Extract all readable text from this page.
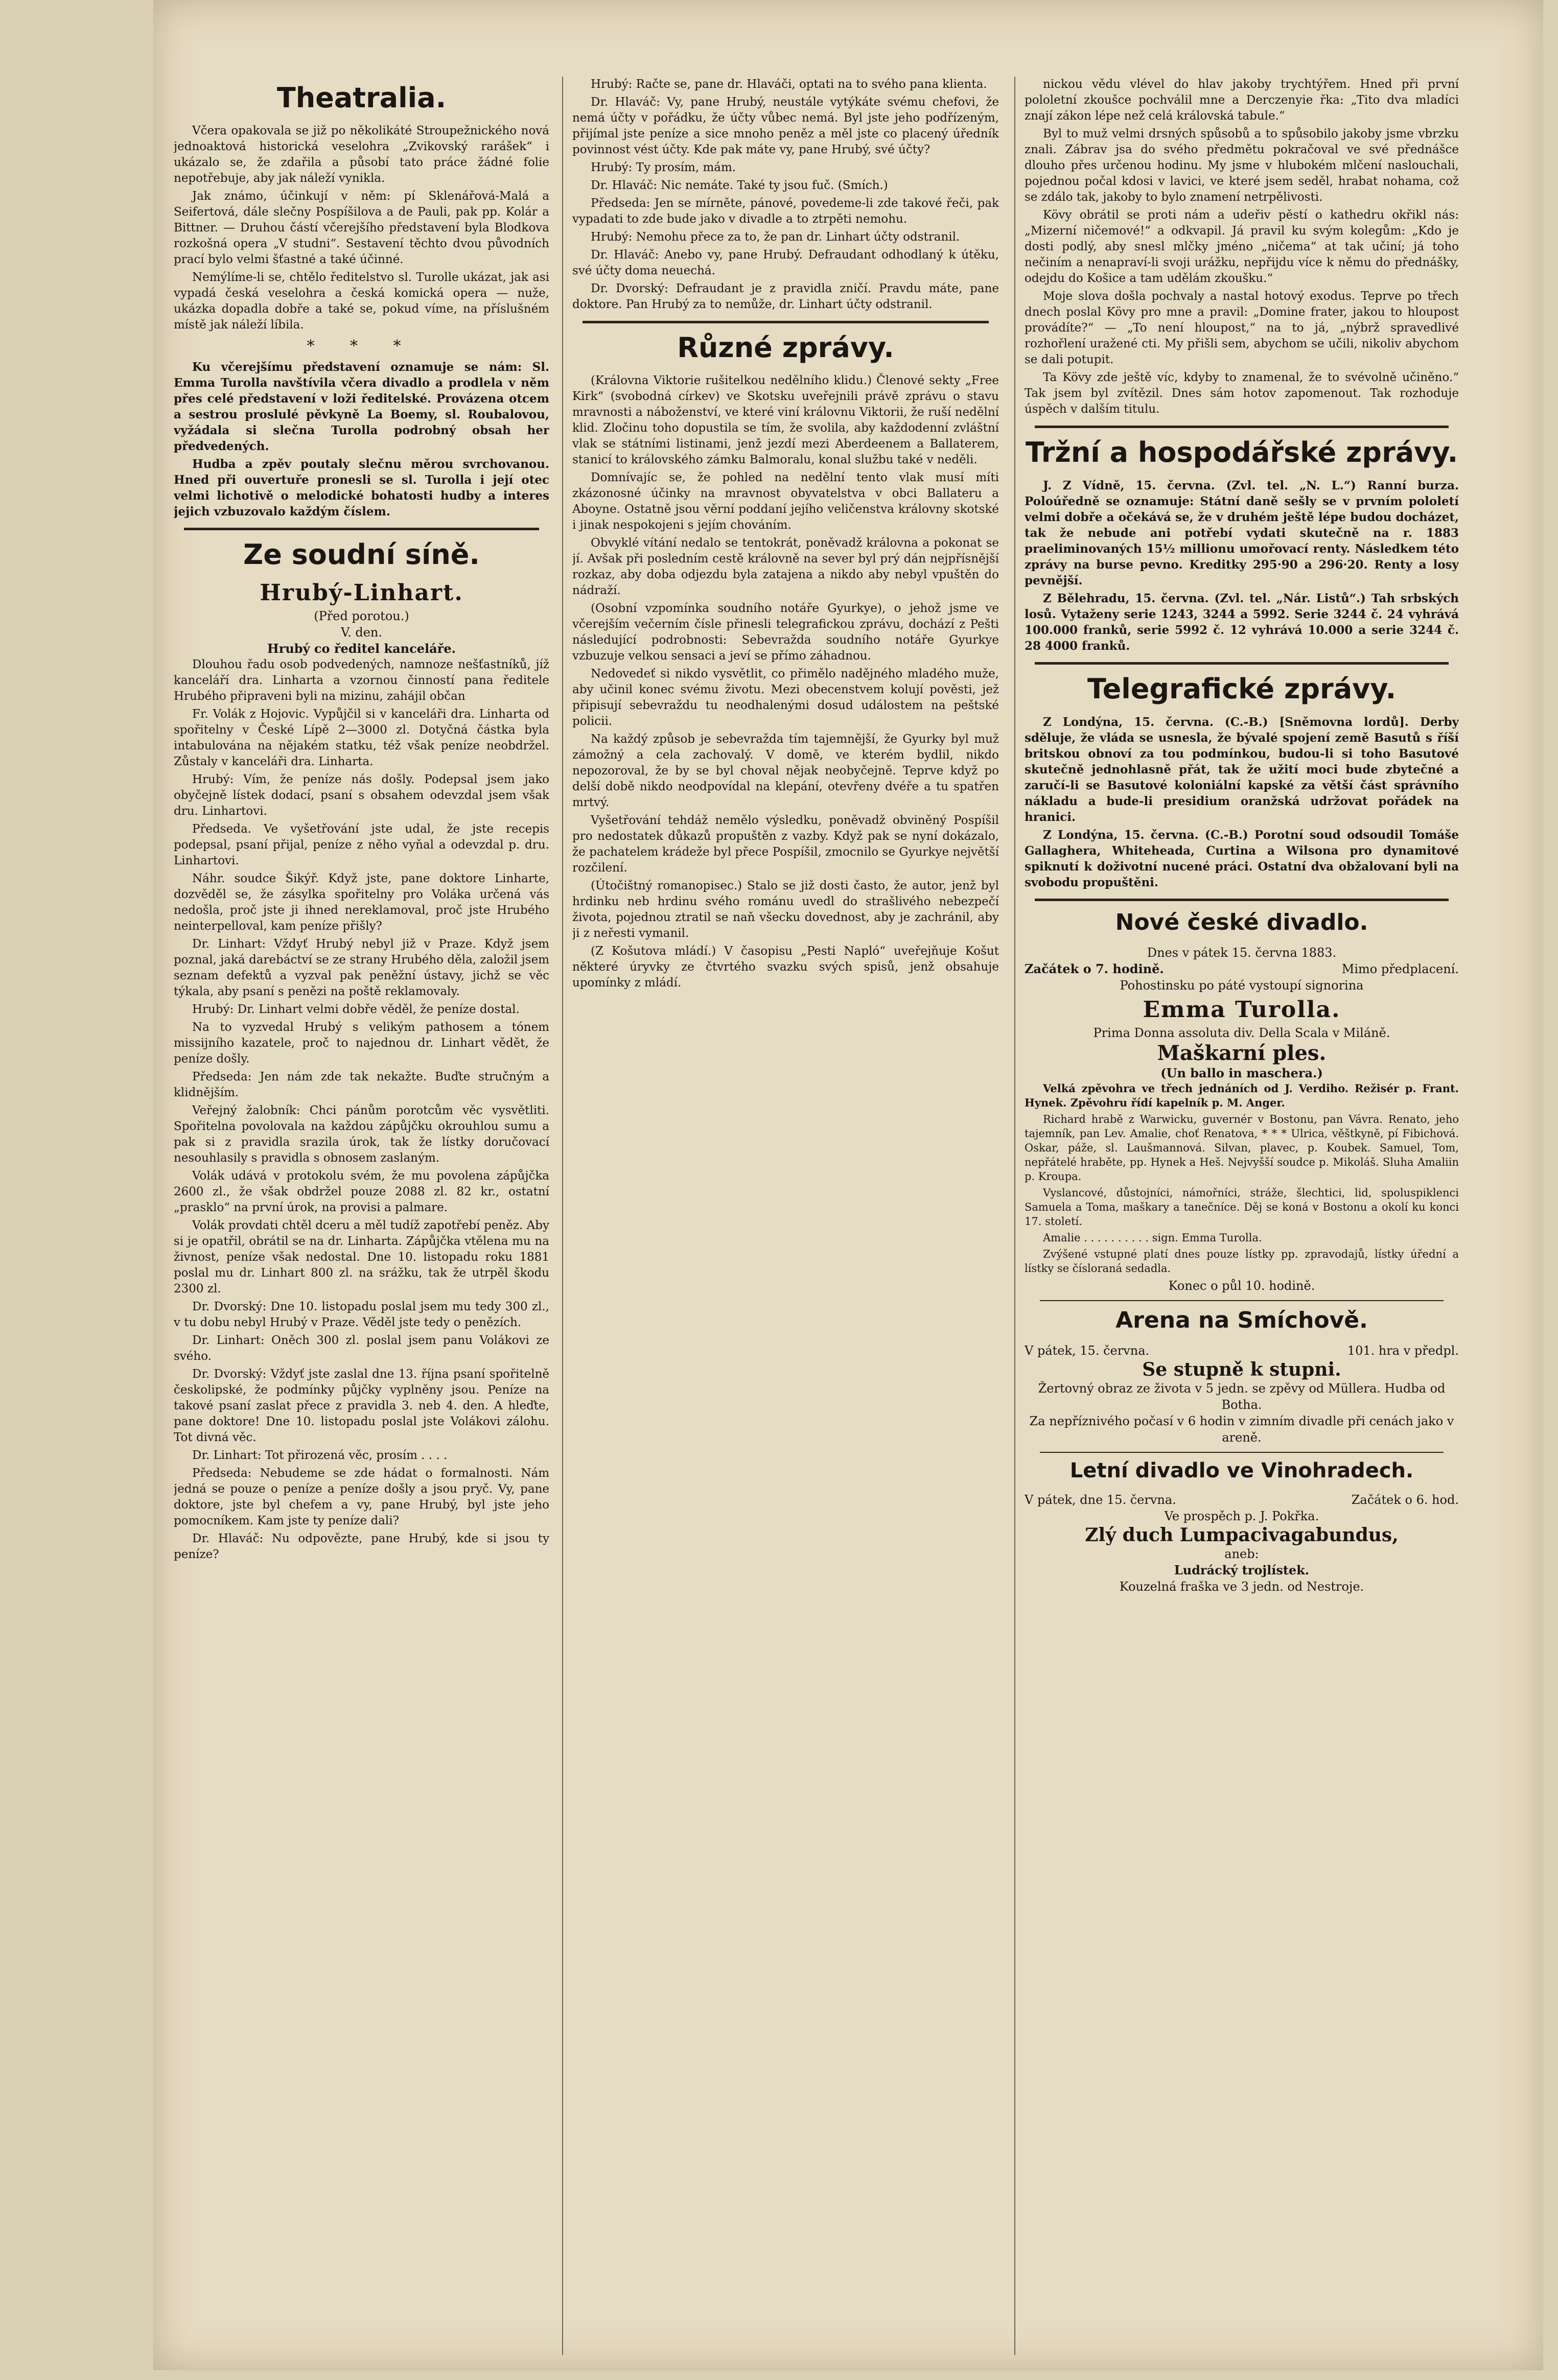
Theatralia.

Včera opakovala se již po několikáté Stroupežnického nová jednoaktová historická veselohra „Zvikovský rarášek“ i ukázalo se, že zdařila a působí tato práce žádné folie nepotřebuje, aby jak náleží vynikla.

Jak známo, účinkují v něm: pí Sklenářová-Malá a Seifertová, dále slečny Pospíšilova a de Pauli, pak pp. Kolár a Bittner. — Druhou částí včerejšího představení byla Blodkova rozkošná opera „V studni“. Sestavení těchto dvou původních prací bylo velmi šťastné a také účinné.

Nemýlíme-li se, chtělo ředitelstvo sl. Turolle ukázat, jak asi vypadá česká veselohra a česká komická opera — nuže, ukázka dopadla dobře a také se, pokud víme, na příslušném místě jak náleží líbila.

* * *

Ku včerejšímu představení oznamuje se nám: Sl. Emma Turolla navštívila včera divadlo a prodlela v něm přes celé představení v loži ředitelské. Provázena otcem a sestrou proslulé pěvkyně La Boemy, sl. Roubalovou, vyžádala si slečna Turolla podrobný obsah her předvedených.

Hudba a zpěv poutaly slečnu měrou svrchovanou. Hned při ouvertuře pronesli se sl. Turolla i její otec velmi lichotivě o melodické bohatosti hudby a interes jejich vzbuzovalo každým číslem.

Ze soudní síně.
Hrubý-Linhart.
(Před porotou.)
V. den.
Hrubý co ředitel kanceláře.

Dlouhou řadu osob podvedených, namnoze nešťastníků, jíž kanceláří dra. Linharta a vzornou činností pana ředitele Hrubého připraveni byli na mizinu, zahájil občan

Fr. Volák z Hojovic. Vypůjčil si v kanceláři dra. Linharta od spořitelny v České Lípě 2—3000 zl. Dotyčná částka byla intabulována na nějakém statku, též však peníze neobdržel. Zůstaly v kanceláři dra. Linharta.

Hrubý: Vím, že peníze nás došly. Podepsal jsem jako obyčejně lístek dodací, psaní s obsahem odevzdal jsem však dru. Linhartovi.

Předseda. Ve vyšetřování jste udal, že jste recepis podepsal, psaní přijal, peníze z něho vyňal a odevzdal p. dru. Linhartovi.

Náhr. soudce Šikýř. Když jste, pane doktore Linharte, dozvěděl se, že zásylka spořitelny pro Voláka určená vás nedošla, proč jste ji ihned nereklamoval, proč jste Hrubého neinterpelloval, kam peníze přišly?

Dr. Linhart: Vždyť Hrubý nebyl již v Praze. Když jsem poznal, jaká darebáctví se ze strany Hrubého děla, založil jsem seznam defektů a vyzval pak peněžní ústavy, jichž se věc týkala, aby psaní s penězi na poště reklamovaly.

Hrubý: Dr. Linhart velmi dobře věděl, že peníze dostal.

Na to vyzvedal Hrubý s velikým pathosem a tónem missijního kazatele, proč to najednou dr. Linhart vědět, že peníze došly.

Předseda: Jen nám zde tak nekažte. Buďte stručným a klidnějším.

Veřejný žalobník: Chci pánům porotcům věc vysvětliti. Spořitelna povolovala na každou zápůjčku okrouhlou sumu a pak si z pravidla srazila úrok, tak že lístky doručovací nesouhlasily s pravidla s obnosem zaslaným.

Volák udává v protokolu svém, že mu povolena zápůjčka 2600 zl., že však obdržel pouze 2088 zl. 82 kr., ostatní „prasklo“ na první úrok, na provisi a palmare.

Volák provdati chtěl dceru a měl tudíž zapotřebí peněz. Aby si je opatřil, obrátil se na dr. Linharta. Zápůjčka vtělena mu na živnost, peníze však nedostal. Dne 10. listopadu roku 1881 poslal mu dr. Linhart 800 zl. na srážku, tak že utrpěl škodu 2300 zl.

Dr. Dvorský: Dne 10. listopadu poslal jsem mu tedy 300 zl., v tu dobu nebyl Hrubý v Praze. Věděl jste tedy o penězích.

Dr. Linhart: Oněch 300 zl. poslal jsem panu Volákovi ze svého.

Dr. Dvorský: Vždyť jste zaslal dne 13. října psaní spořitelně českolipské, že podmínky půjčky vyplněny jsou. Peníze na takové psaní zaslat přece z pravidla 3. neb 4. den. A hleďte, pane doktore! Dne 10. listopadu poslal jste Volákovi zálohu. Tot divná věc.

Dr. Linhart: Tot přirozená věc, prosím . . . .

Předseda: Nebudeme se zde hádat o formalnosti. Nám jedná se pouze o peníze a peníze došly a jsou pryč. Vy, pane doktore, jste byl chefem a vy, pane Hrubý, byl jste jeho pomocníkem. Kam jste ty peníze dali?

Dr. Hlaváč: Nu odpovězte, pane Hrubý, kde si jsou ty peníze?

Hrubý: Račte se, pane dr. Hlaváči, optati na to svého pana klienta.

Dr. Hlaváč: Vy, pane Hrubý, neustále vytýkáte svému chefovi, že nemá účty v pořádku, že účty vůbec nemá. Byl jste jeho podřízeným, přijímal jste peníze a sice mnoho peněz a měl jste co placený úředník povinnost vést účty. Kde pak máte vy, pane Hrubý, své účty?

Hrubý: Ty prosím, mám.

Dr. Hlaváč: Nic nemáte. Také ty jsou fuč. (Smích.)

Předseda: Jen se mírněte, pánové, povedeme-li zde takové řeči, pak vypadati to zde bude jako v divadle a to ztrpěti nemohu.

Hrubý: Nemohu přece za to, že pan dr. Linhart účty odstranil.

Dr. Hlaváč: Anebo vy, pane Hrubý. Defraudant odhodlaný k útěku, své účty doma neuechá.

Dr. Dvorský: Defraudant je z pravidla zničí. Pravdu máte, pane doktore. Pan Hrubý za to nemůže, dr. Linhart účty odstranil.

Různé zprávy.

(Královna Viktorie rušitelkou nedělního klidu.) Členové sekty „Free Kirk“ (svobodná církev) ve Skotsku uveřejnili právě zprávu o stavu mravnosti a náboženství, ve které viní královnu Viktorii, že ruší nedělní klid. Zločinu toho dopustila se tím, že svolila, aby každodenní zvláštní vlak se státními listinami, jenž jezdí mezi Aberdeenem a Ballaterem, stanicí to královského zámku Balmoralu, konal službu také v neděli.

Domnívajíc se, že pohled na nedělní tento vlak musí míti zkázonosné účinky na mravnost obyvatelstva v obci Ballateru a Aboyne. Ostatně jsou věrní poddaní jejího veličenstva královny skotské i jinak nespokojeni s jejím chováním.

Obvyklé vítání nedalo se tentokrát, poněvadž královna a pokonat se jí. Avšak při posledním cestě královně na sever byl prý dán nejpřísnější rozkaz, aby doba odjezdu byla zatajena a nikdo aby nebyl vpuštěn do nádraží.

(Osobní vzpomínka soudního notáře Gyurkye), o jehož jsme ve včerejším večerním čísle přinesli telegrafickou zprávu, dochází z Pešti následující podrobnosti: Sebevražda soudního notáře Gyurkye vzbuzuje velkou sensaci a jeví se přímo záhadnou.

Nedovedeť si nikdo vysvětlit, co přimělo nadějného mladého muže, aby učinil konec svému životu. Mezi obecenstvem kolují pověsti, jež připisují sebevraždu tu neodhalenými dosud událostem na peštské policii.

Na každý způsob je sebevražda tím tajemnější, že Gyurky byl muž zámožný a cela zachovalý. V domě, ve kterém bydlil, nikdo nepozoroval, že by se byl choval nějak neobyčejně. Teprve když po delší době nikdo neodpovídal na klepání, otevřeny dvéře a tu spatřen mrtvý.

Vyšetřování tehdáž nemělo výsledku, poněvadž obviněný Pospíšil pro nedostatek důkazů propuštěn z vazby. Když pak se nyní dokázalo, že pachatelem krádeže byl přece Pospíšil, zmocnilo se Gyurkye největší rozčilení.

(Útočištný romanopisec.) Stalo se již dosti často, že autor, jenž byl hrdinku neb hrdinu svého románu uvedl do strašlivého nebezpečí života, pojednou ztratil se naň všecku dovednost, aby je zachránil, aby ji z neřesti vymanil.

(Z Košutova mládí.) V časopisu „Pesti Napló“ uveřejňuje Košut některé úryvky ze čtvrtého svazku svých spisů, jenž obsahuje upomínky z mládí.

nickou vědu vlével do hlav jakoby trychtýřem. Hned při první pololetní zkoušce pochválil mne a Derczenyie řka: „Tito dva mladíci znají zákon lépe než celá královská tabule.“

Byl to muž velmi drsných spůsobů a to spůsobilo jakoby jsme vbrzku znali. Zábrav jsa do svého předmětu pokračoval ve své přednášce dlouho přes určenou hodinu. My jsme v hlubokém mlčení naslouchali, pojednou počal kdosi v lavici, ve které jsem seděl, hrabat nohama, což se zdálo tak, jakoby to bylo znamení netrpělivosti.

Kövy obrátil se proti nám a udeřiv pěstí o kathedru okřikl nás: „Mizerní ničemové!“ a odkvapil. Já pravil ku svým kolegům: „Kdo je dosti podlý, aby snesl mlčky jméno „ničema“ at tak učiní; já toho nečiním a nenapraví-li svoji urážku, nepřijdu více k němu do přednášky, odejdu do Košice a tam udělám zkoušku.“

Moje slova došla pochvaly a nastal hotový exodus. Teprve po třech dnech poslal Kövy pro mne a pravil: „Domine frater, jakou to hloupost provádíte?“ — „To není hloupost,“ na to já, „nýbrž spravedlivé rozhořlení uražené cti. My přišli sem, abychom se učili, nikoliv abychom se dali potupit.

Ta Kövy zde ještě víc, kdyby to znamenal, že to svévolně učiněno.“ Tak jsem byl zvítězil. Dnes sám hotov zapomenout. Tak rozhoduje úspěch v dalším titulu.

Tržní a hospodářské zprávy.

J. Z Vídně, 15. června. (Zvl. tel. „N. L.“) Ranní burza. Poloúředně se oznamuje: Státní daně sešly se v prvním pololetí velmi dobře a očekává se, že v druhém ještě lépe budou docházet, tak že nebude ani potřebí vydati skutečně na r. 1883 praeliminovaných 15½ millionu umořovací renty. Následkem této zprávy na burse pevno. Kreditky 295·90 a 296·20. Renty a losy pevnější.

Z Bělehradu, 15. června. (Zvl. tel. „Nár. Listů“.) Tah srbských losů. Vytaženy serie 1243, 3244 a 5992. Serie 3244 č. 24 vyhrává 100.000 franků, serie 5992 č. 12 vyhrává 10.000 a serie 3244 č. 28 4000 franků.

Telegrafické zprávy.

Z Londýna, 15. června. (C.-B.) [Sněmovna lordů]. Derby sděluje, že vláda se usnesla, že bývalé spojení země Basutů s říší britskou obnoví za tou podmínkou, budou-li si toho Basutové skutečně jednohlasně přát, tak že užití moci bude zbytečné a zaručí-li se Basutové koloniální kapské za větší část správního nákladu a bude-li presidium oranžská udržovat pořádek na hranici.

Z Londýna, 15. června. (C.-B.) Porotní soud odsoudil Tomáše Gallaghera, Whiteheada, Curtina a Wilsona pro dynamitové spiknutí k doživotní nucené práci. Ostatní dva obžalovaní byli na svobodu propuštěni.

Nové české divadlo.
Dnes v pátek 15. června 1883.
Začátek o 7. hodině.	Mimo předplacení.
Pohostinsku po páté vystoupí signorina
Emma Turolla.
Prima Donna assoluta div. Della Scala v Miláně.
Maškarní ples.
(Un ballo in maschera.)

Velká zpěvohra ve třech jednáních od J. Verdiho. Režisér p. Frant. Hynek. Zpěvohru řídí kapelník p. M. Anger.

Richard hrabě z Warwicku, guvernér v Bostonu, pan Vávra. Renato, jeho tajemník, pan Lev. Amalie, choť Renatova, * * * Ulrica, věštkyně, pí Fibichová. Oskar, páže, sl. Laušmannová. Silvan, plavec, p. Koubek. Samuel, Tom, nepřátelé hraběte, pp. Hynek a Heš. Nejvyšší soudce p. Mikoláš. Sluha Amaliin p. Kroupa.

Vyslancové, důstojníci, námořníci, stráže, šlechtici, lid, spoluspiklenci Samuela a Toma, maškary a tanečníce. Děj se koná v Bostonu a okolí ku konci 17. století.

Amalie . . . . . . . . . . sign. Emma Turolla.

Zvýšené vstupné platí dnes pouze lístky pp. zpravodajů, lístky úřední a lístky se čísloraná sedadla.

Konec o půl 10. hodině.
Arena na Smíchově.
V pátek, 15. června.	101. hra v předpl.
Se stupně k stupni.
Žertovný obraz ze života v 5 jedn. se zpěvy od Müllera. Hudba od Botha.
Za nepříznivého počasí v 6 hodin v zimním divadle při cenách jako v areně.
Letní divadlo ve Vinohradech.
V pátek, dne 15. června.	Začátek o 6. hod.
Ve prospěch p. J. Pokřka.
Zlý duch Lumpacivagabundus,
aneb:
Ludrácký trojlístek.
Kouzelná fraška ve 3 jedn. od Nestroje.
